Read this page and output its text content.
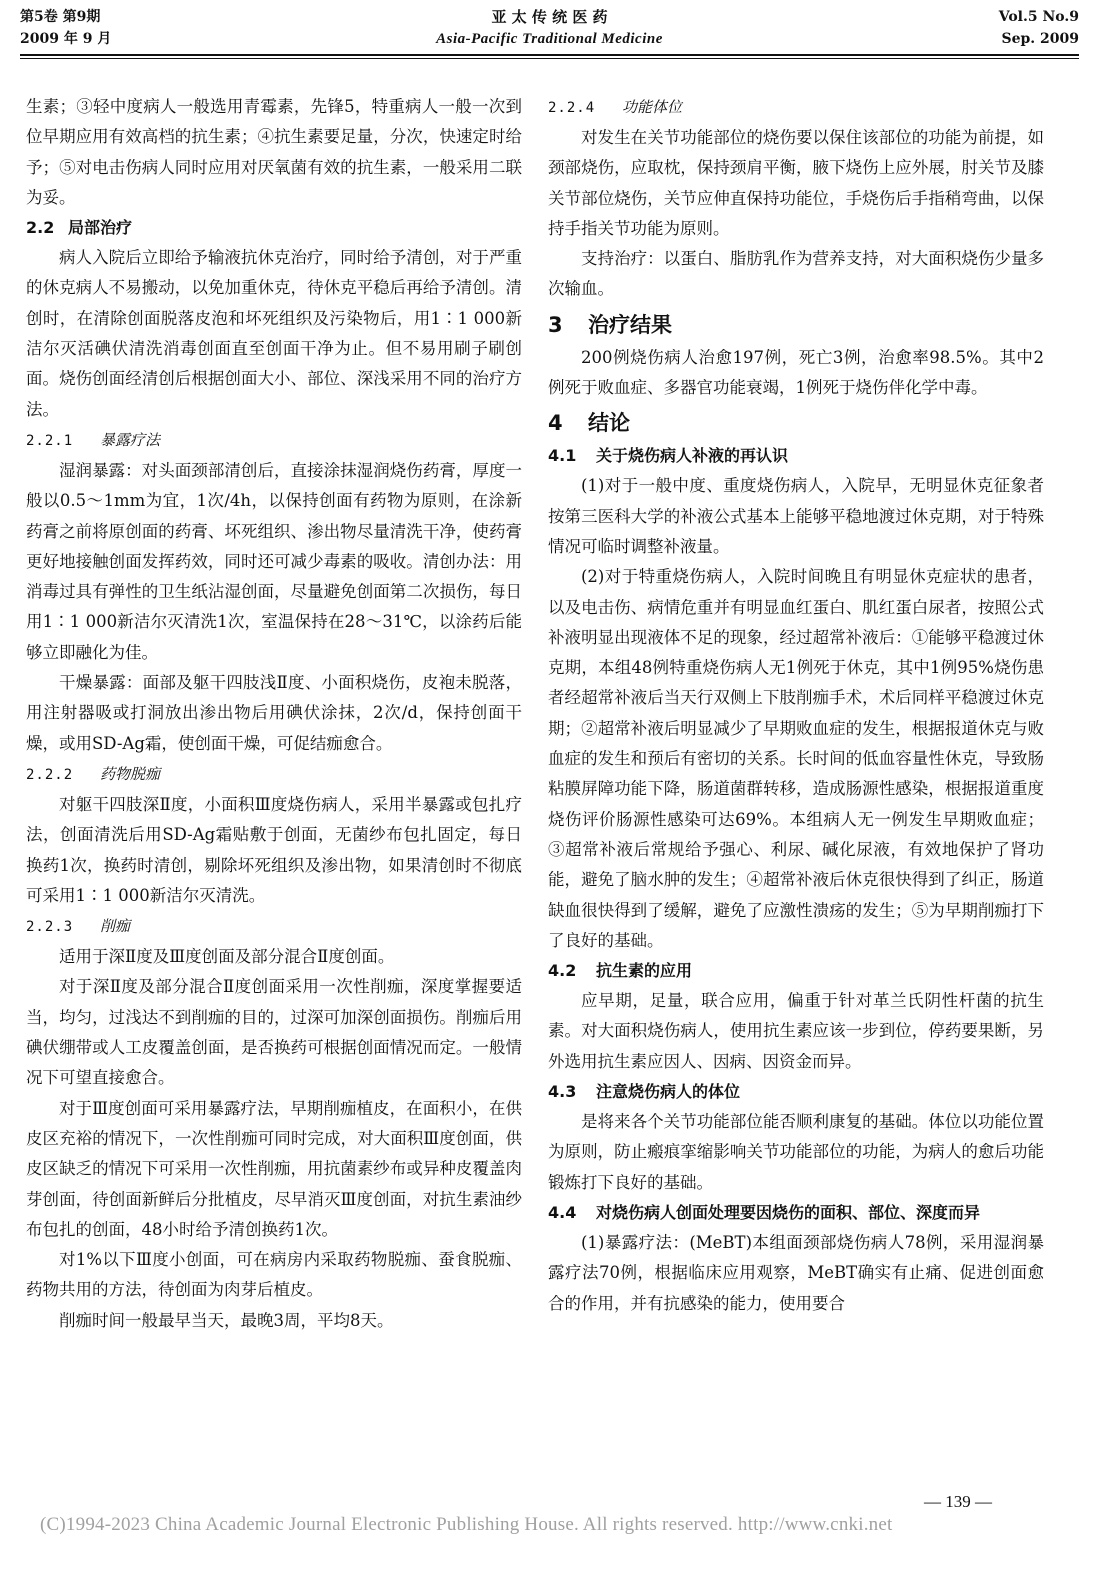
第5卷 第9期
2009 年 9 月
亚 太 传 统 医 药
Asia-Pacific Traditional Medicine
Vol.5 No.9
Sep. 2009

生素；③轻中度病人一般选用青霉素，先锋5，特重病人一般一次到位早期应用有效高档的抗生素；④抗生素要足量，分次，快速定时给予；⑤对电击伤病人同时应用对厌氧菌有效的抗生素，一般采用二联为妥。

2.2 局部治疗

病人入院后立即给予输液抗休克治疗，同时给予清创，对于严重的休克病人不易搬动，以免加重休克，待休克平稳后再给予清创。清创时，在清除创面脱落皮泡和坏死组织及污染物后，用1∶1 000新洁尔灭活碘伏清洗消毒创面直至创面干净为止。但不易用刷子刷创面。烧伤创面经清创后根据创面大小、部位、深浅采用不同的治疗方法。

2.2.1 暴露疗法

湿润暴露：对头面颈部清创后，直接涂抹湿润烧伤药膏，厚度一般以0.5～1mm为宜，1次/4h，以保持创面有药物为原则，在涂新药膏之前将原创面的药膏、坏死组织、渗出物尽量清洗干净，使药膏更好地接触创面发挥药效，同时还可减少毒素的吸收。清创办法：用消毒过具有弹性的卫生纸沾湿创面，尽量避免创面第二次损伤，每日用1∶1 000新洁尔灭清洗1次，室温保持在28～31℃，以涂药后能够立即融化为佳。

干燥暴露：面部及躯干四肢浅Ⅱ度、小面积烧伤，皮袍未脱落，用注射器吸或打洞放出渗出物后用碘伏涂抹，2次/d，保持创面干燥，或用SD-Ag霜，使创面干燥，可促结痂愈合。

2.2.2 药物脱痂

对躯干四肢深Ⅱ度，小面积Ⅲ度烧伤病人，采用半暴露或包扎疗法，创面清洗后用SD-Ag霜贴敷于创面，无菌纱布包扎固定，每日换药1次，换药时清创，剔除坏死组织及渗出物，如果清创时不彻底可采用1∶1 000新洁尔灭清洗。

2.2.3 削痂

适用于深Ⅱ度及Ⅲ度创面及部分混合Ⅱ度创面。

对于深Ⅱ度及部分混合Ⅱ度创面采用一次性削痂，深度掌握要适当，均匀，过浅达不到削痂的目的，过深可加深创面损伤。削痂后用碘伏绷带或人工皮覆盖创面，是否换药可根据创面情况而定。一般情况下可望直接愈合。

对于Ⅲ度创面可采用暴露疗法，早期削痂植皮，在面积小，在供皮区充裕的情况下，一次性削痂可同时完成，对大面积Ⅲ度创面，供皮区缺乏的情况下可采用一次性削痂，用抗菌素纱布或异种皮覆盖肉芽创面，待创面新鲜后分批植皮，尽早消灭Ⅲ度创面，对抗生素油纱布包扎的创面，48小时给予清创换药1次。

对1%以下Ⅲ度小创面，可在病房内采取药物脱痂、蚕食脱痂、药物共用的方法，待创面为肉芽后植皮。

削痂时间一般最早当天，最晚3周，平均8天。

2.2.4 功能体位

对发生在关节功能部位的烧伤要以保住该部位的功能为前提，如颈部烧伤，应取枕，保持颈肩平衡，腋下烧伤上应外展，肘关节及膝关节部位烧伤，关节应伸直保持功能位，手烧伤后手指稍弯曲，以保持手指关节功能为原则。

支持治疗：以蛋白、脂肪乳作为营养支持，对大面积烧伤少量多次输血。

3 治疗结果

200例烧伤病人治愈197例，死亡3例，治愈率98.5%。其中2例死于败血症、多器官功能衰竭，1例死于烧伤伴化学中毒。

4 结论
4.1 关于烧伤病人补液的再认识

(1)对于一般中度、重度烧伤病人，入院早，无明显休克征象者按第三医科大学的补液公式基本上能够平稳地渡过休克期，对于特殊情况可临时调整补液量。

(2)对于特重烧伤病人，入院时间晚且有明显休克症状的患者，以及电击伤、病情危重并有明显血红蛋白、肌红蛋白尿者，按照公式补液明显出现液体不足的现象，经过超常补液后：①能够平稳渡过休克期，本组48例特重烧伤病人无1例死于休克，其中1例95%烧伤患者经超常补液后当天行双侧上下肢削痂手术，术后同样平稳渡过休克期；②超常补液后明显减少了早期败血症的发生，根据报道休克与败血症的发生和预后有密切的关系。长时间的低血容量性休克，导致肠粘膜屏障功能下降，肠道菌群转移，造成肠源性感染，根据报道重度烧伤评价肠源性感染可达69%。本组病人无一例发生早期败血症；③超常补液后常规给予强心、利尿、碱化尿液，有效地保护了肾功能，避免了脑水肿的发生；④超常补液后休克很快得到了纠正，肠道缺血很快得到了缓解，避免了应激性溃疡的发生；⑤为早期削痂打下了良好的基础。

4.2 抗生素的应用

应早期，足量，联合应用，偏重于针对革兰氏阴性杆菌的抗生素。对大面积烧伤病人，使用抗生素应该一步到位，停药要果断，另外选用抗生素应因人、因病、因资金而异。

4.3 注意烧伤病人的体位

是将来各个关节功能部位能否顺利康复的基础。体位以功能位置为原则，防止瘢痕挛缩影响关节功能部位的功能，为病人的愈后功能锻炼打下良好的基础。

4.4 对烧伤病人创面处理要因烧伤的面积、部位、深度而异

(1)暴露疗法：(MeBT)本组面颈部烧伤病人78例，采用湿润暴露疗法70例，根据临床应用观察，MeBT确实有止痛、促进创面愈合的作用，并有抗感染的能力，使用要合

— 139 —
(C)1994-2023 China Academic Journal Electronic Publishing House. All rights reserved. http://www.cnki.net
